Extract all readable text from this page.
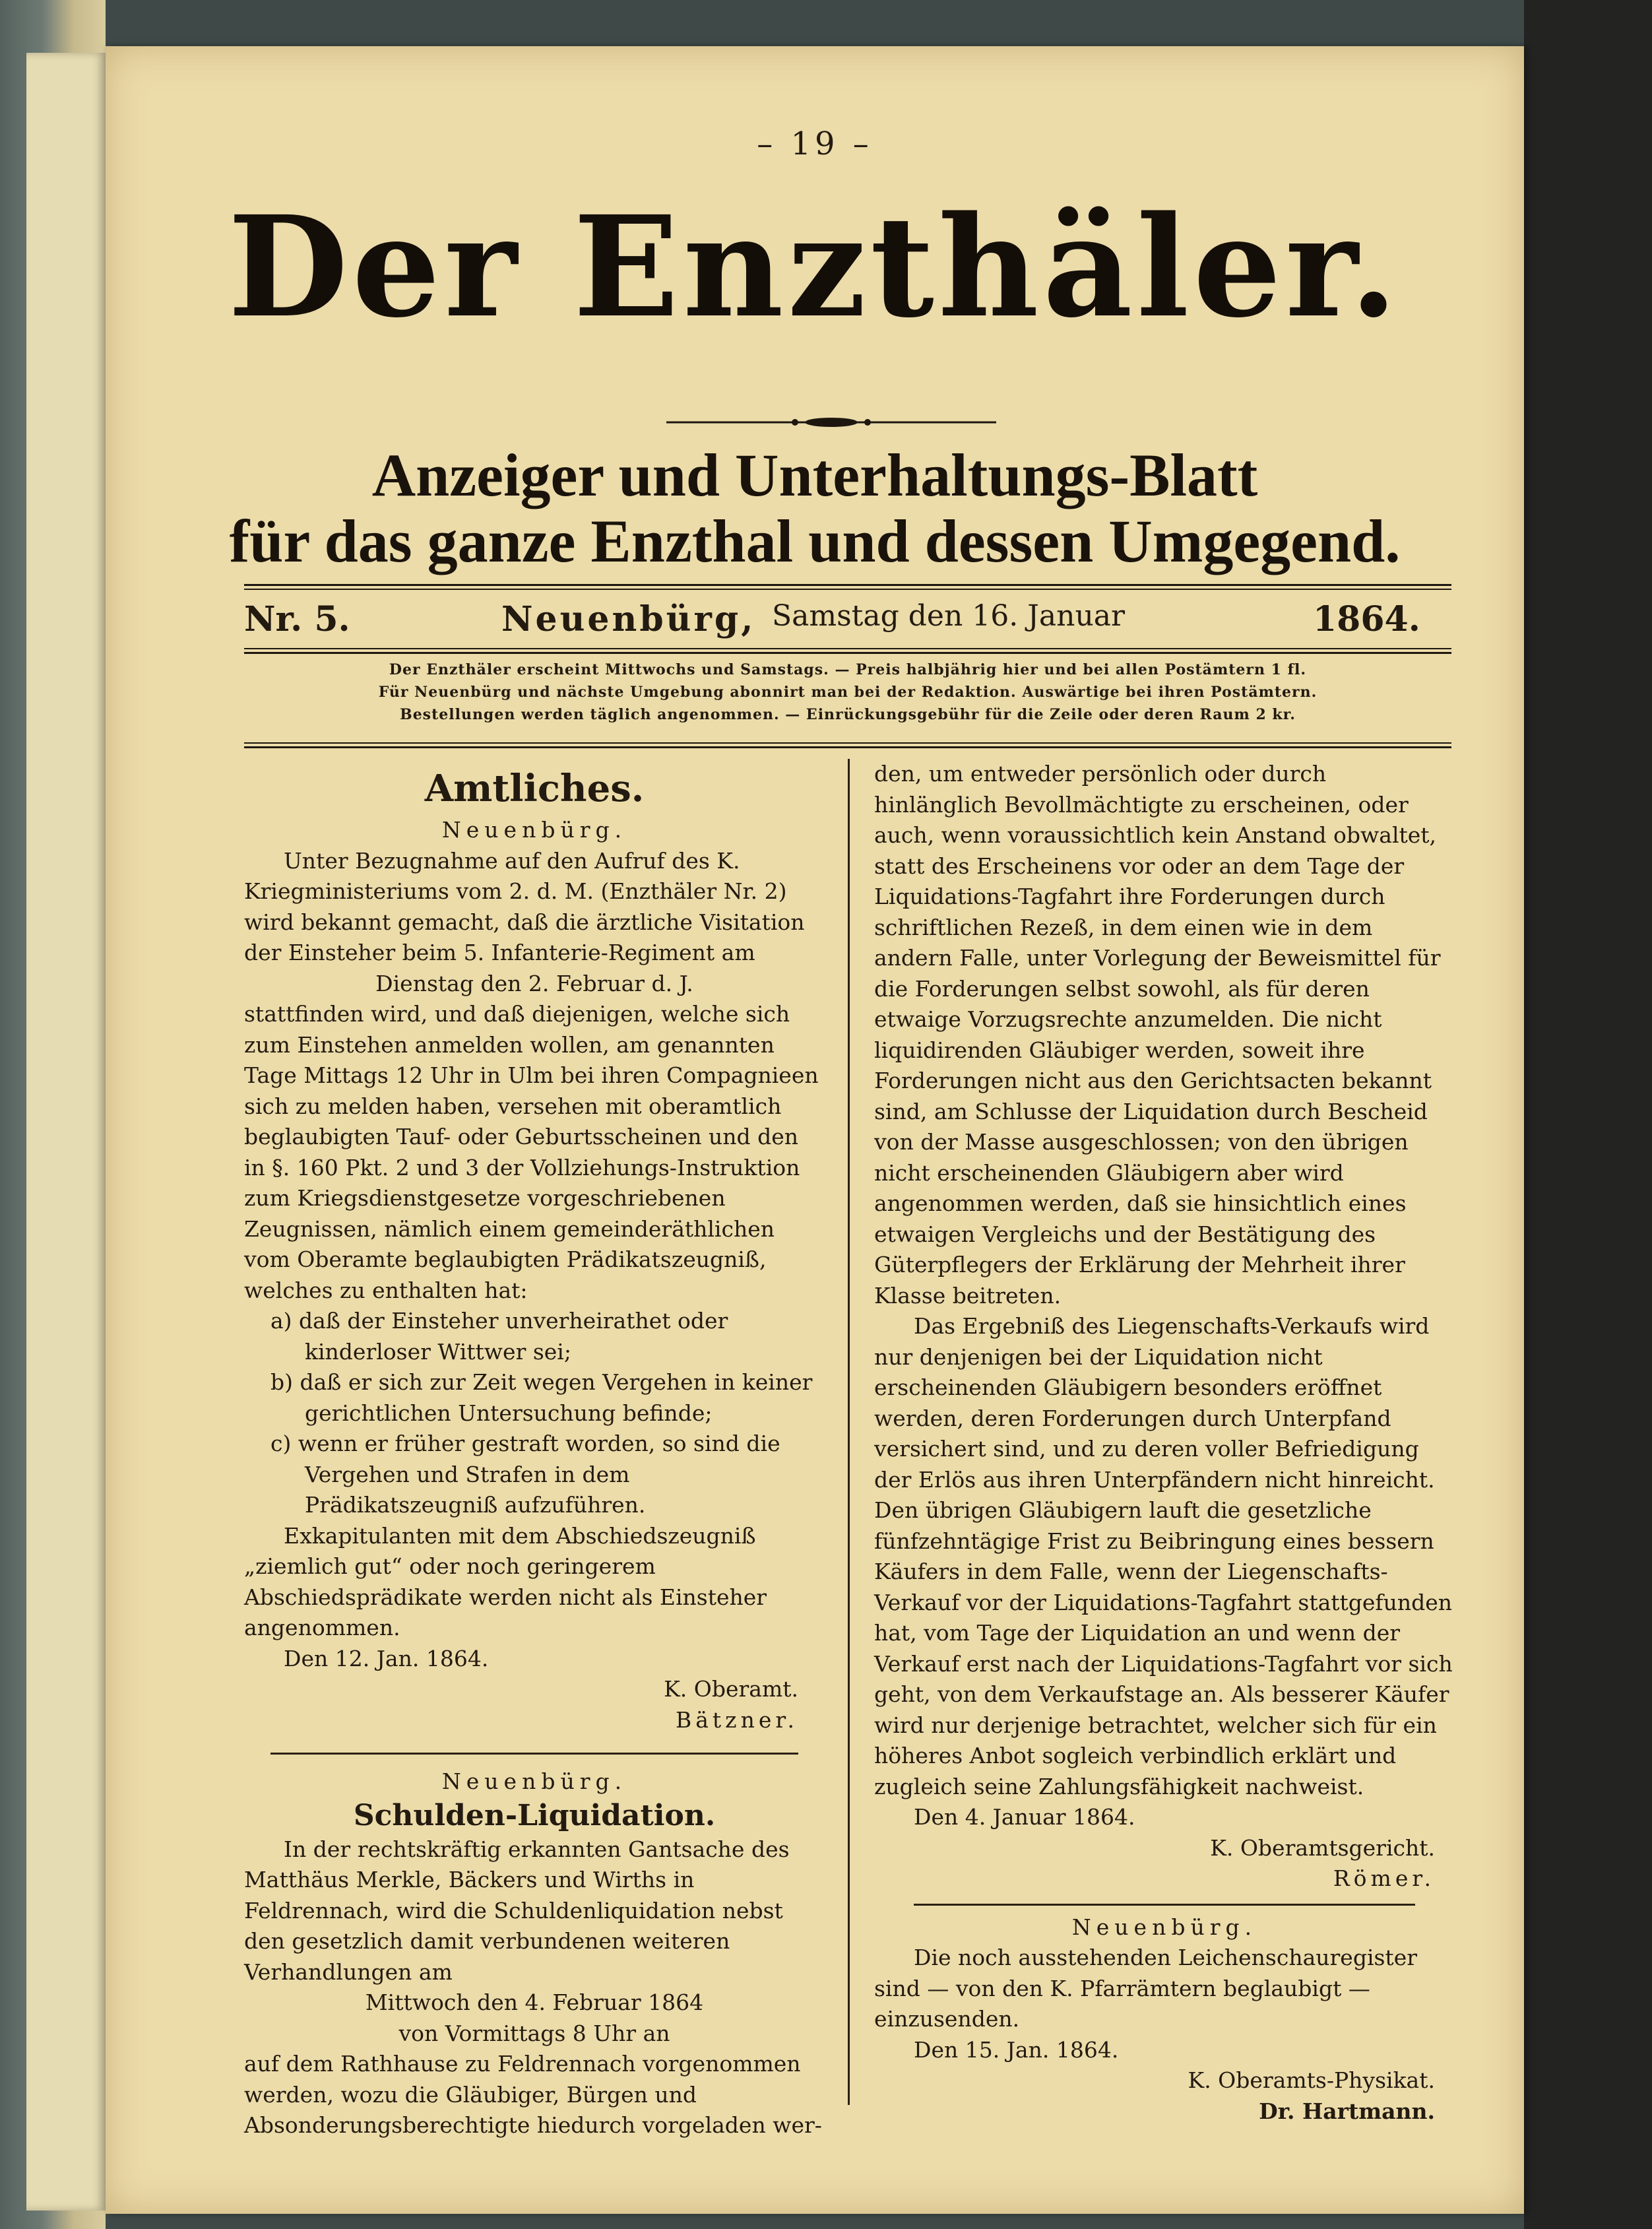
– 19 –
Der Enzthäler.
Anzeiger und Unterhaltungs-Blatt
für das ganze Enzthal und dessen Umgegend.
Nr. 5.	Neuenbürg, Samstag den 16. Januar	1864.
Der Enzthäler erscheint Mittwochs und Samstags. — Preis halbjährig hier und bei allen Postämtern 1 fl.
Für Neuenbürg und nächste Umgebung abonnirt man bei der Redaktion. Auswärtige bei ihren Postämtern.
Bestellungen werden täglich angenommen. — Einrückungsgebühr für die Zeile oder deren Raum 2 kr.

Amtliches.

Neuenbürg.

Unter Bezugnahme auf den Aufruf des K. Kriegministeriums vom 2. d. M. (Enzthäler Nr. 2) wird bekannt gemacht, daß die ärztliche Visitation der Einsteher beim 5. Infanterie-Regiment am

Dienstag den 2. Februar d. J.

stattfinden wird, und daß diejenigen, welche sich zum Einstehen anmelden wollen, am genannten Tage Mittags 12 Uhr in Ulm bei ihren Compagnieen sich zu melden haben, versehen mit oberamtlich beglaubigten Tauf- oder Geburtsscheinen und den in §. 160 Pkt. 2 und 3 der Vollziehungs-Instruktion zum Kriegsdienstgesetze vorgeschriebenen Zeugnissen, nämlich einem gemeinderäthlichen vom Oberamte beglaubigten Prädikatszeugniß, welches zu enthalten hat:

a) daß der Einsteher unverheirathet oder kinderloser Wittwer sei;

b) daß er sich zur Zeit wegen Vergehen in keiner gerichtlichen Untersuchung befinde;

c) wenn er früher gestraft worden, so sind die Vergehen und Strafen in dem Prädikatszeugniß aufzuführen.

Exkapitulanten mit dem Abschiedszeugniß „ziemlich gut“ oder noch geringerem Abschiedsprädikate werden nicht als Einsteher angenommen.

Den 12. Jan. 1864.

K. Oberamt.

Bätzner.

Neuenbürg.

Schulden-Liquidation.

In der rechtskräftig erkannten Gantsache des Matthäus Merkle, Bäckers und Wirths in Feldrennach, wird die Schuldenliquidation nebst den gesetzlich damit verbundenen weiteren Verhandlungen am

Mittwoch den 4. Februar 1864

von Vormittags 8 Uhr an

auf dem Rathhause zu Feldrennach vorgenommen werden, wozu die Gläubiger, Bürgen und Absonderungsberechtigte hiedurch vorgeladen wer-

den, um entweder persönlich oder durch hinlänglich Bevollmächtigte zu erscheinen, oder auch, wenn voraussichtlich kein Anstand obwaltet, statt des Erscheinens vor oder an dem Tage der Liquidations-Tagfahrt ihre Forderungen durch schriftlichen Rezeß, in dem einen wie in dem andern Falle, unter Vorlegung der Beweismittel für die Forderungen selbst sowohl, als für deren etwaige Vorzugsrechte anzumelden. Die nicht liquidirenden Gläubiger werden, soweit ihre Forderungen nicht aus den Gerichtsacten bekannt sind, am Schlusse der Liquidation durch Bescheid von der Masse ausgeschlossen; von den übrigen nicht erscheinenden Gläubigern aber wird angenommen werden, daß sie hinsichtlich eines etwaigen Vergleichs und der Bestätigung des Güterpflegers der Erklärung der Mehrheit ihrer Klasse beitreten.

Das Ergebniß des Liegenschafts-Verkaufs wird nur denjenigen bei der Liquidation nicht erscheinenden Gläubigern besonders eröffnet werden, deren Forderungen durch Unterpfand versichert sind, und zu deren voller Befriedigung der Erlös aus ihren Unterpfändern nicht hinreicht. Den übrigen Gläubigern lauft die gesetzliche fünfzehntägige Frist zu Beibringung eines bessern Käufers in dem Falle, wenn der Liegenschafts-Verkauf vor der Liquidations-Tagfahrt stattgefunden hat, vom Tage der Liquidation an und wenn der Verkauf erst nach der Liquidations-Tagfahrt vor sich geht, von dem Verkaufstage an. Als besserer Käufer wird nur derjenige betrachtet, welcher sich für ein höheres Anbot sogleich verbindlich erklärt und zugleich seine Zahlungsfähigkeit nachweist.

Den 4. Januar 1864.

K. Oberamtsgericht.

Römer.

Neuenbürg.

Die noch ausstehenden Leichenschauregister sind — von den K. Pfarrämtern beglaubigt — einzusenden.

Den 15. Jan. 1864.

K. Oberamts-Physikat.

Dr. Hartmann.
